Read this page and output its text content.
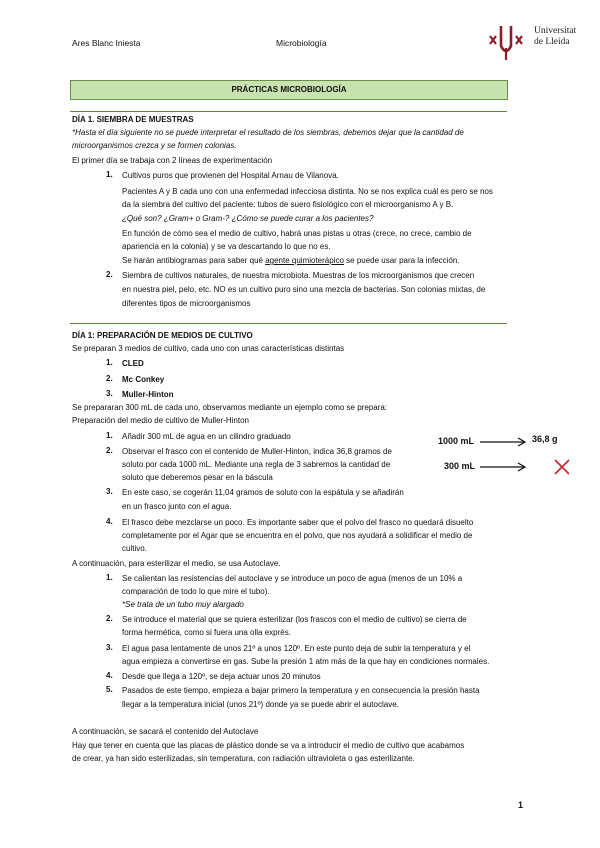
Ares Blanc Iniesta	Microbiología
Universitat
de Lleida
PRÁCTICAS MICROBIOLOGÍA
DÍA 1. SIEMBRA DE MUESTRAS
*Hasta el día siguiente no se puede interpretar el resultado de los siembras, debemos dejar que la cantidad de
microorganismos crezca y se formen colonias.
El primer día se trabaja con 2 líneas de experimentación
1. Cultivos puros que provienen del Hospital Arnau de Vilanova.
Pacientes A y B cada uno con una enfermedad infecciosa distinta. No se nos explica cuál es pero se nos
da la siembra del cultivo del paciente: tubos de suero fisiológico con el microorganismo A y B.
¿Qué son? ¿Gram+ o Gram-? ¿Cómo se puede curar a los pacientes?
En función de cómo sea el medio de cultivo, habrá unas pistas u otras (crece, no crece, cambio de
apariencia en la colonia) y se va descartando lo que no es.
Se harán antibiogramas para saber qué agente quimioterápico se puede usar para la infección.
2. Siembra de cultivos naturales, de nuestra microbiota. Muestras de los microorganismos que crecen
en nuestra piel, pelo, etc. NO es un cultivo puro sino una mezcla de bacterias. Son colonias mixtas, de
diferentes tipos de microorganismos
DÍA 1: PREPARACIÓN DE MEDIOS DE CULTIVO
Se preparan 3 medios de cultivo, cada uno con unas características distintas
1. CLED
2. Mc Conkey
3. Muller-Hinton
Se prepararan 300 mL de cada uno, observamos mediante un ejemplo como se prepara:
Preparación del medio de cultivo de Muller-Hinton
1. Añadir 300 mL de agua en un cilindro graduado
2. Observar el frasco con el contenido de Muller-Hinton, indica 36,8 gramos de
soluto por cada 1000 mL. Mediante una regla de 3 sabremos la cantidad de
soluto que deberemos pesar en la báscula
3. En este caso, se cogerán 11,04 gramos de soluto con la espátula y se añadirán
en un frasco junto con el agua.
4. El frasco debe mezclarse un poco. Es importante saber que el polvo del frasco no quedará disuelto
completamente por el Agar que se encuentra en el polvo, que nos ayudará a solidificar el medio de
cultivo.
1000 mL	36,8 g
300 mL
A continuación, para esterilizar el medio, se usa Autoclave.
1. Se calientan las resistencias del autoclave y se introduce un poco de agua (menos de un 10% a
comparación de todo lo que mire el tubo).
*Se trata de un tubo muy alargado
2. Se introduce el material que se quiera esterilizar (los frascos con el medio de cultivo) se cierra de
forma hermética, como si fuera una olla exprés.
3. El agua pasa lentamente de unos 21º a unos 120º. En este punto deja de subir la temperatura y el
agua empieza a convertirse en gas. Sube la presión 1 atm más de la que hay en condiciones normales.
4. Desde que llega a 120º, se deja actuar unos 20 minutos
5. Pasados de este tiempo, empieza a bajar primero la temperatura y en consecuencia la presión hasta
llegar a la temperatura inicial (unos 21º) donde ya se puede abrir el autoclave.
A continuación, se sacará el contenido del Autoclave
Hay que tener en cuenta que las placas de plástico donde se va a introducir el medio de cultivo que acabamos
de crear, ya han sido esterilizadas, sin temperatura, con radiación ultravioleta o gas esterilizante.
1
